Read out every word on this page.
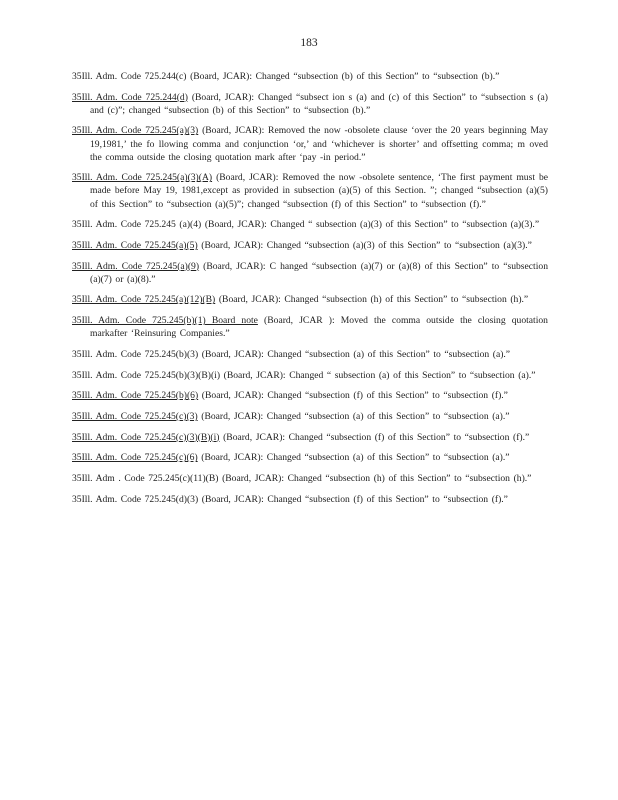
183

35Ill. Adm. Code 725.244(c) (Board, JCAR): Changed “subsection (b) of this Section” to “subsection (b).”

35Ill. Adm. Code 725.244(d) (Board, JCAR): Changed “subsect ion s (a) and (c) of this Section” to “subsection s (a) and (c)”; changed “subsection (b) of this Section” to “subsection (b).”

35Ill. Adm. Code 725.245(a)(3) (Board, JCAR): Removed the now -obsolete clause ‘over the 20 years beginning May 19,1981,’ the fo llowing comma and conjunction ‘or,’ and ‘whichever is shorter’ and offsetting comma; m oved the comma outside the closing quotation mark after ‘pay -in period.”

35Ill. Adm. Code 725.245(a)(3)(A) (Board, JCAR): Removed the now -obsolete sentence, ‘The first payment must be made before May 19, 1981,except as provided in subsection (a)(5) of this Section. ”; changed “subsection (a)(5) of this Section” to “subsection (a)(5)”; changed “subsection (f) of this Section” to “subsection (f).”

35Ill. Adm. Code 725.245 (a)(4) (Board, JCAR): Changed “ subsection (a)(3) of this Section” to “subsection (a)(3).”

35Ill. Adm. Code 725.245(a)(5) (Board, JCAR): Changed “subsection (a)(3) of this Section” to “subsection (a)(3).”

35Ill. Adm. Code 725.245(a)(9) (Board, JCAR): C hanged “subsection (a)(7) or (a)(8) of this Section” to “subsection (a)(7) or (a)(8).”

35Ill. Adm. Code 725.245(a)(12)(B) (Board, JCAR): Changed “subsection (h) of this Section” to “subsection (h).”

35Ill. Adm. Code 725.245(b)(1) Board note (Board, JCAR ): Moved the comma outside the closing quotation markafter ‘Reinsuring Companies.”

35Ill. Adm. Code 725.245(b)(3) (Board, JCAR): Changed “subsection (a) of this Section” to “subsection (a).”

35Ill. Adm. Code 725.245(b)(3)(B)(i) (Board, JCAR): Changed “ subsection (a) of this Section” to “subsection (a).”

35Ill. Adm. Code 725.245(b)(6) (Board, JCAR): Changed “subsection (f) of this Section” to “subsection (f).”

35Ill. Adm. Code 725.245(c)(3) (Board, JCAR): Changed “subsection (a) of this Section” to “subsection (a).”

35Ill. Adm. Code 725.245(c)(3)(B)(i) (Board, JCAR): Changed “subsection (f) of this Section” to “subsection (f).”

35Ill. Adm. Code 725.245(c)(6) (Board, JCAR): Changed “subsection (a) of this Section” to “subsection (a).”

35Ill. Adm . Code 725.245(c)(11)(B) (Board, JCAR): Changed “subsection (h) of this Section” to “subsection (h).”

35Ill. Adm. Code 725.245(d)(3) (Board, JCAR): Changed “subsection (f) of this Section” to “subsection (f).”
